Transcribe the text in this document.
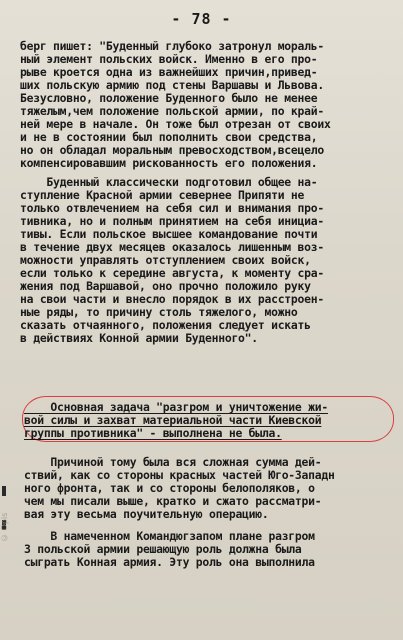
- 78 -
берг пишет: "Буденный глубоко затронул мораль-
ный элемент польских войск. Именно в его про-
рыве кроется одна из важнейших причин,привед-
ших польскую армию под стены Варшавы и Львова.
Безусловно, положение Буденного было не менее
тяжелым,чем положение польской армии, по край-
ней мере в начале. Он тоже был отрезан от своих
и не в состоянии был пополнить свои средства,
но он обладал моральным превосходством,всецело
компенсировавшим рискованность его положения.
Буденный классически подготовил общее на-
ступление Красной армии севернее Припяти не
только отвлечением на себя сил и внимания про-
тивника, но и полным принятием на себя инициа-
тивы. Если польское высшее командование почти
в течение двух месяцев оказалось лишенным воз-
можности управлять отступлением своих войск,
если только к середине августа, к моменту сра-
жения под Варшавой, оно прочно положило руку
на свои части и внесло порядок в их расстроен-
ные ряды, то причину столь тяжелого, можно
сказать отчаянного, положения следует искать
в действиях Конной армии Буденного".
Основная задача "разгром и уничтожение жи-
вой силы и захват материальной части Киевской
группы противника" - выполнена не была.
Причиной тому была вся сложная сумма дей-
ствий, как со стороны красных частей Юго-Западн
ного фронта, так и со стороны белополяков, о
чем мы писали выше, кратко и сжато рассматри-
вая эту весьма поучительную операцию.
В намеченном Командюгзапом плане разгром
3 польской армии решающую роль должна была
сыграть Конная армия. Эту роль она выполнила
© Opis
